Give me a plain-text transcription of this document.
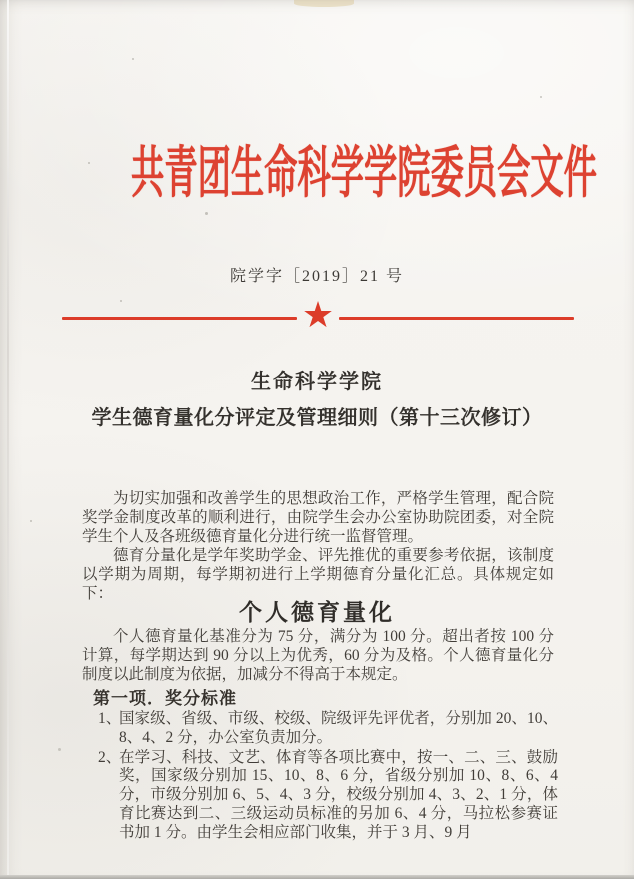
共青团生命科学学院委员会文件
院学字［2019］21 号
★
生命科学学院
学生德育量化分评定及管理细则（第十三次修订）

为切实加强和改善学生的思想政治工作，严格学生管理，配合院奖学金制度改革的顺利进行，由院学生会办公室协助院团委，对全院学生个人及各班级德育量化分进行统一监督管理。

德育分量化是学年奖助学金、评先推优的重要参考依据，该制度以学期为周期，每学期初进行上学期德育分量化汇总。具体规定如下：

个人德育量化

个人德育量化基准分为 75 分，满分为 100 分。超出者按 100 分计算，每学期达到 90 分以上为优秀，60 分为及格。个人德育量化分制度以此制度为依据，加减分不得高于本规定。

第一项．奖分标准
1、
国家级、省级、市级、校级、院级评先评优者，分别加 20、10、8、4、2 分，办公室负责加分。
2、
在学习、科技、文艺、体育等各项比赛中，按一、二、三、鼓励奖，国家级分别加 15、10、8、6 分，省级分别加 10、8、6、4 分，市级分别加 6、5、4、3 分，校级分别加 4、3、2、1 分，体育比赛达到二、三级运动员标准的另加 6、4 分，马拉松参赛证书加 1 分。由学生会相应部门收集，并于 3 月、9 月
